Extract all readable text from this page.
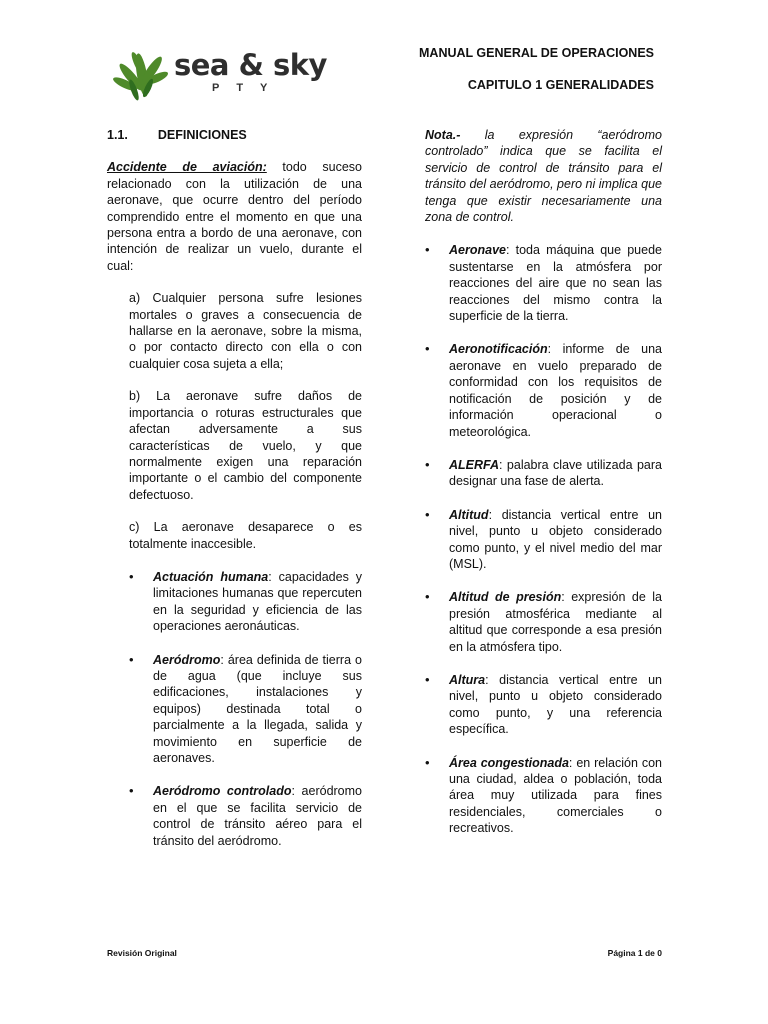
sea & sky
PTY
MANUAL GENERAL DE OPERACIONES
CAPITULO 1 GENERALIDADES
1.1. DEFINICIONES

Accidente de aviación: todo suceso relacionado con la utilización de una aeronave, que ocurre dentro del período comprendido entre el momento en que una persona entra a bordo de una aeronave, con intención de realizar un vuelo, durante el cual:

a) Cualquier persona sufre lesiones mortales o graves a consecuencia de hallarse en la aeronave, sobre la misma, o por contacto directo con ella o con cualquier cosa sujeta a ella;

b) La aeronave sufre daños de importancia o roturas estructurales que afectan adversamente a sus características de vuelo, y que normalmente exigen una reparación importante o el cambio del componente defectuoso.

c) La aeronave desaparece o es totalmente inaccesible.

• Actuación humana: capacidades y limitaciones humanas que repercuten en la seguridad y eficiencia de las operaciones aeronáuticas.

• Aeródromo: área definida de tierra o de agua (que incluye sus edificaciones, instalaciones y equipos) destinada total o parcialmente a la llegada, salida y movimiento en superficie de aeronaves.

• Aeródromo controlado: aeródromo en el que se facilita servicio de control de tránsito aéreo para el tránsito del aeródromo.

Nota.- la expresión “aeródromo controlado” indica que se facilita el servicio de control de tránsito para el tránsito del aeródromo, pero ni implica que tenga que existir necesariamente una zona de control.

• Aeronave: toda máquina que puede sustentarse en la atmósfera por reacciones del aire que no sean las reacciones del mismo contra la superficie de la tierra.

• Aeronotificación: informe de una aeronave en vuelo preparado de conformidad con los requisitos de notificación de posición y de información operacional o meteorológica.

• ALERFA: palabra clave utilizada para designar una fase de alerta.

• Altitud: distancia vertical entre un nivel, punto u objeto considerado como punto, y el nivel medio del mar (MSL).

• Altitud de presión: expresión de la presión atmosférica mediante al altitud que corresponde a esa presión en la atmósfera tipo.

• Altura: distancia vertical entre un nivel, punto u objeto considerado como punto, y una referencia específica.

• Área congestionada: en relación con una ciudad, aldea o población, toda área muy utilizada para fines residenciales, comerciales o recreativos.

Revisión Original	Página 1 de 0
